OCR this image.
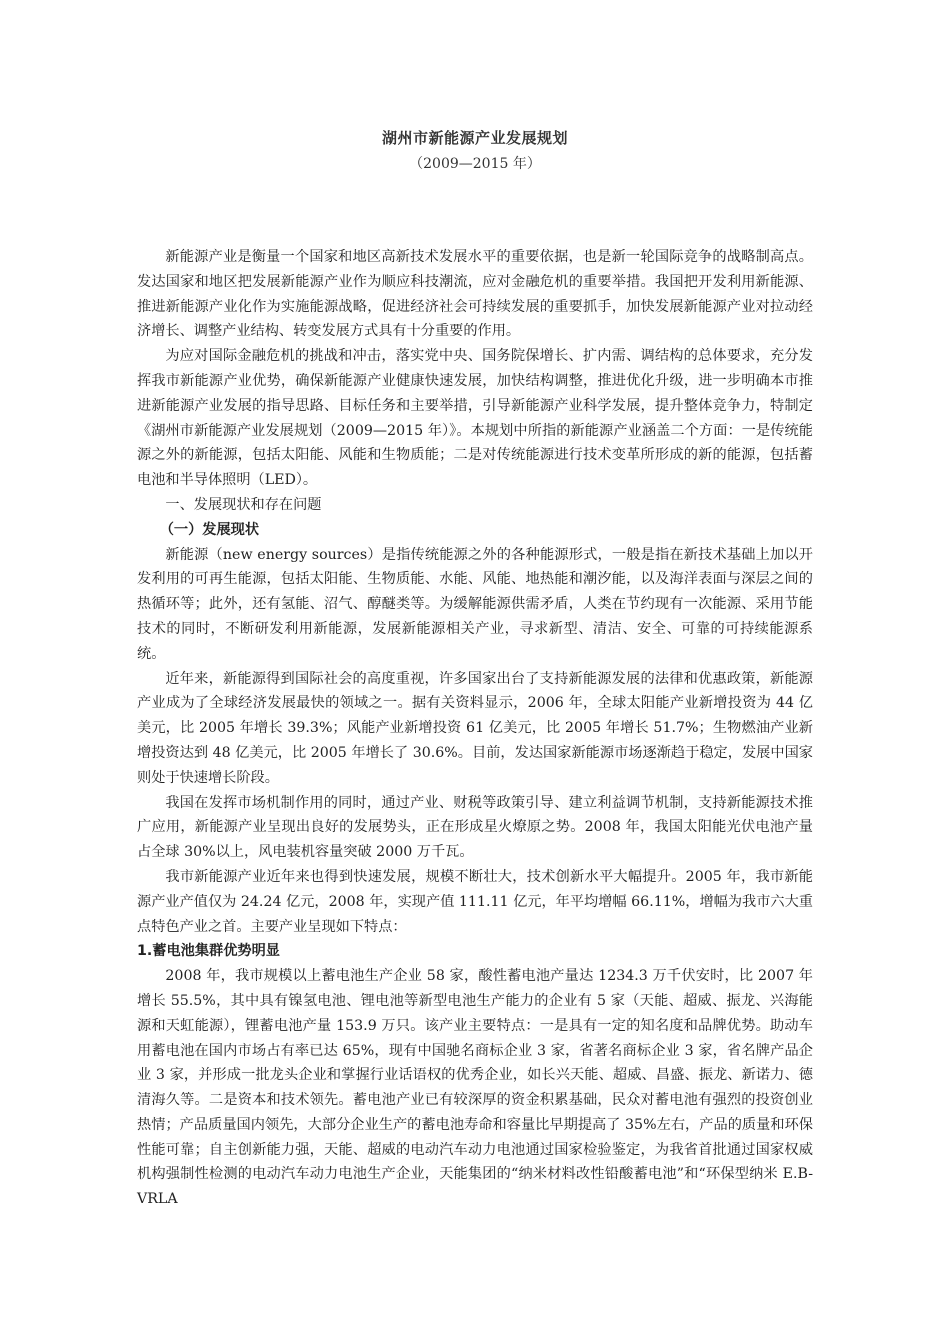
湖州市新能源产业发展规划
（2009—2015 年）

新能源产业是衡量一个国家和地区高新技术发展水平的重要依据，也是新一轮国际竞争的战略制高点。发达国家和地区把发展新能源产业作为顺应科技潮流，应对金融危机的重要举措。我国把开发利用新能源、推进新能源产业化作为实施能源战略，促进经济社会可持续发展的重要抓手，加快发展新能源产业对拉动经济增长、调整产业结构、转变发展方式具有十分重要的作用。

为应对国际金融危机的挑战和冲击，落实党中央、国务院保增长、扩内需、调结构的总体要求，充分发挥我市新能源产业优势，确保新能源产业健康快速发展，加快结构调整，推进优化升级，进一步明确本市推进新能源产业发展的指导思路、目标任务和主要举措，引导新能源产业科学发展，提升整体竞争力，特制定《湖州市新能源产业发展规划（2009—2015 年）》。本规划中所指的新能源产业涵盖二个方面：一是传统能源之外的新能源，包括太阳能、风能和生物质能；二是对传统能源进行技术变革所形成的新的能源，包括蓄电池和半导体照明（LED）。

一、发展现状和存在问题

（一）发展现状

新能源（new energy sources）是指传统能源之外的各种能源形式，一般是指在新技术基础上加以开发利用的可再生能源，包括太阳能、生物质能、水能、风能、地热能和潮汐能，以及海洋表面与深层之间的热循环等；此外，还有氢能、沼气、醇醚类等。为缓解能源供需矛盾，人类在节约现有一次能源、采用节能技术的同时，不断研发利用新能源，发展新能源相关产业，寻求新型、清洁、安全、可靠的可持续能源系统。

近年来，新能源得到国际社会的高度重视，许多国家出台了支持新能源发展的法律和优惠政策，新能源产业成为了全球经济发展最快的领域之一。据有关资料显示，2006 年，全球太阳能产业新增投资为 44 亿美元，比 2005 年增长 39.3%；风能产业新增投资 61 亿美元，比 2005 年增长 51.7%；生物燃油产业新增投资达到 48 亿美元，比 2005 年增长了 30.6%。目前，发达国家新能源市场逐渐趋于稳定，发展中国家则处于快速增长阶段。

我国在发挥市场机制作用的同时，通过产业、财税等政策引导、建立利益调节机制，支持新能源技术推广应用，新能源产业呈现出良好的发展势头，正在形成星火燎原之势。2008 年，我国太阳能光伏电池产量占全球 30%以上，风电装机容量突破 2000 万千瓦。

我市新能源产业近年来也得到快速发展，规模不断壮大，技术创新水平大幅提升。2005 年，我市新能源产业产值仅为 24.24 亿元，2008 年，实现产值 111.11 亿元，年平均增幅 66.11%，增幅为我市六大重点特色产业之首。主要产业呈现如下特点：

1.蓄电池集群优势明显

2008 年，我市规模以上蓄电池生产企业 58 家，酸性蓄电池产量达 1234.3 万千伏安时，比 2007 年增长 55.5%，其中具有镍氢电池、锂电池等新型电池生产能力的企业有 5 家（天能、超威、振龙、兴海能源和天虹能源），锂蓄电池产量 153.9 万只。该产业主要特点：一是具有一定的知名度和品牌优势。助动车用蓄电池在国内市场占有率已达 65%，现有中国驰名商标企业 3 家，省著名商标企业 3 家，省名牌产品企业 3 家，并形成一批龙头企业和掌握行业话语权的优秀企业，如长兴天能、超威、昌盛、振龙、新诺力、德清海久等。二是资本和技术领先。蓄电池产业已有较深厚的资金积累基础，民众对蓄电池有强烈的投资创业热情；产品质量国内领先，大部分企业生产的蓄电池寿命和容量比早期提高了 35%左右，产品的质量和环保性能可靠；自主创新能力强，天能、超威的电动汽车动力电池通过国家检验鉴定，为我省首批通过国家权威机构强制性检测的电动汽车动力电池生产企业，天能集团的“纳米材料改性铅酸蓄电池”和“环保型纳米 E.B-VRLA
